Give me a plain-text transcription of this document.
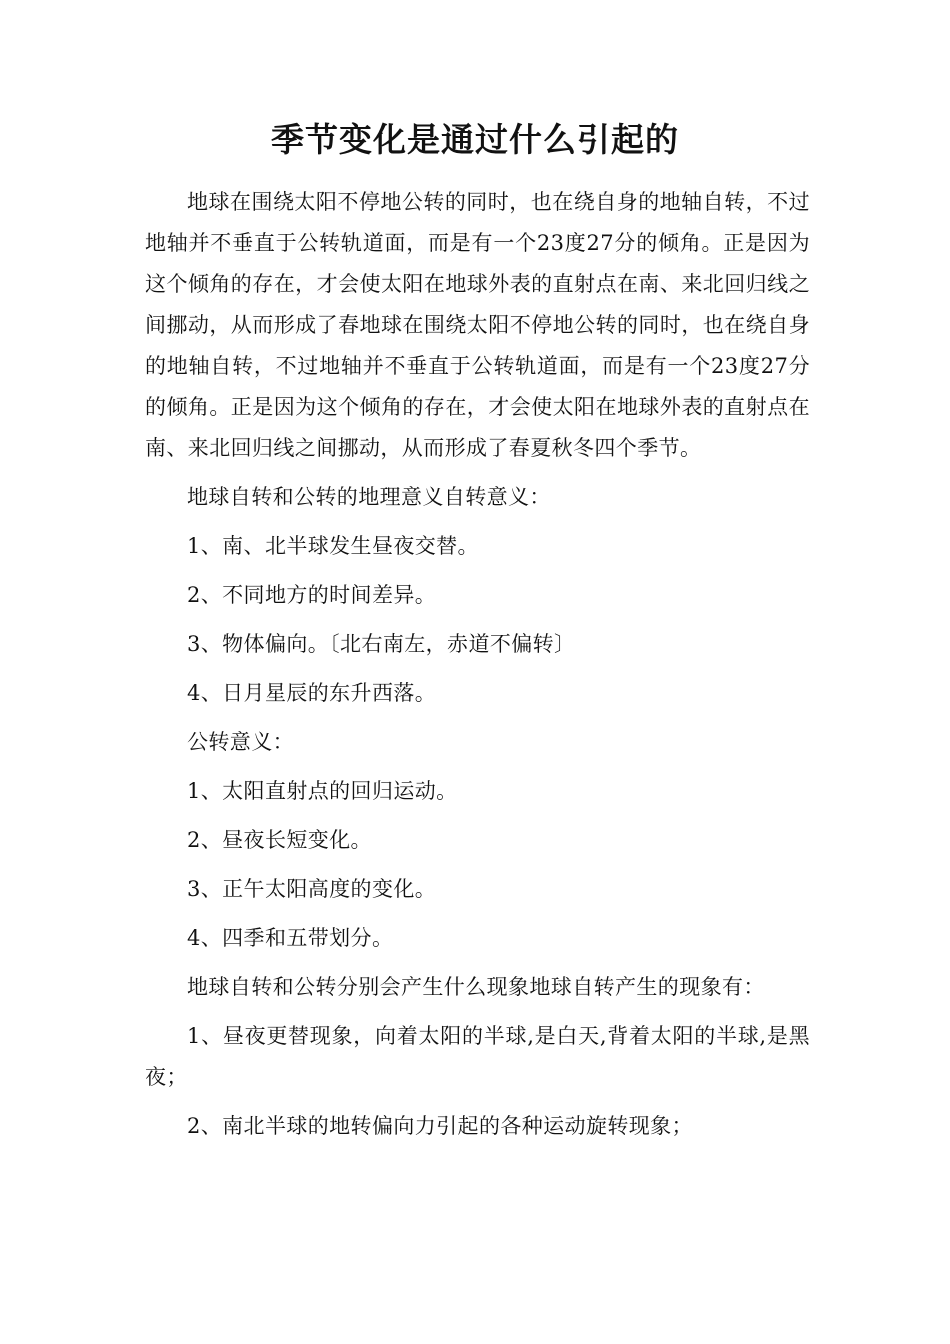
季节变化是通过什么引起的

地球在围绕太阳不停地公转的同时，也在绕自身的地轴自转，不过地轴并不垂直于公转轨道面，而是有一个23度27分的倾角。正是因为这个倾角的存在，才会使太阳在地球外表的直射点在南、来北回归线之间挪动，从而形成了春地球在围绕太阳不停地公转的同时，也在绕自身的地轴自转，不过地轴并不垂直于公转轨道面，而是有一个23度27分的倾角。正是因为这个倾角的存在，才会使太阳在地球外表的直射点在南、来北回归线之间挪动，从而形成了春夏秋冬四个季节。

地球自转和公转的地理意义自转意义：

1、南、北半球发生昼夜交替。

2、不同地方的时间差异。

3、物体偏向。〔北右南左，赤道不偏转〕

4、日月星辰的东升西落。

公转意义：

1、太阳直射点的回归运动。

2、昼夜长短变化。

3、正午太阳高度的变化。

4、四季和五带划分。

地球自转和公转分别会产生什么现象地球自转产生的现象有：

1、昼夜更替现象，向着太阳的半球,是白天,背着太阳的半球,是黑夜；

2、南北半球的地转偏向力引起的各种运动旋转现象；
